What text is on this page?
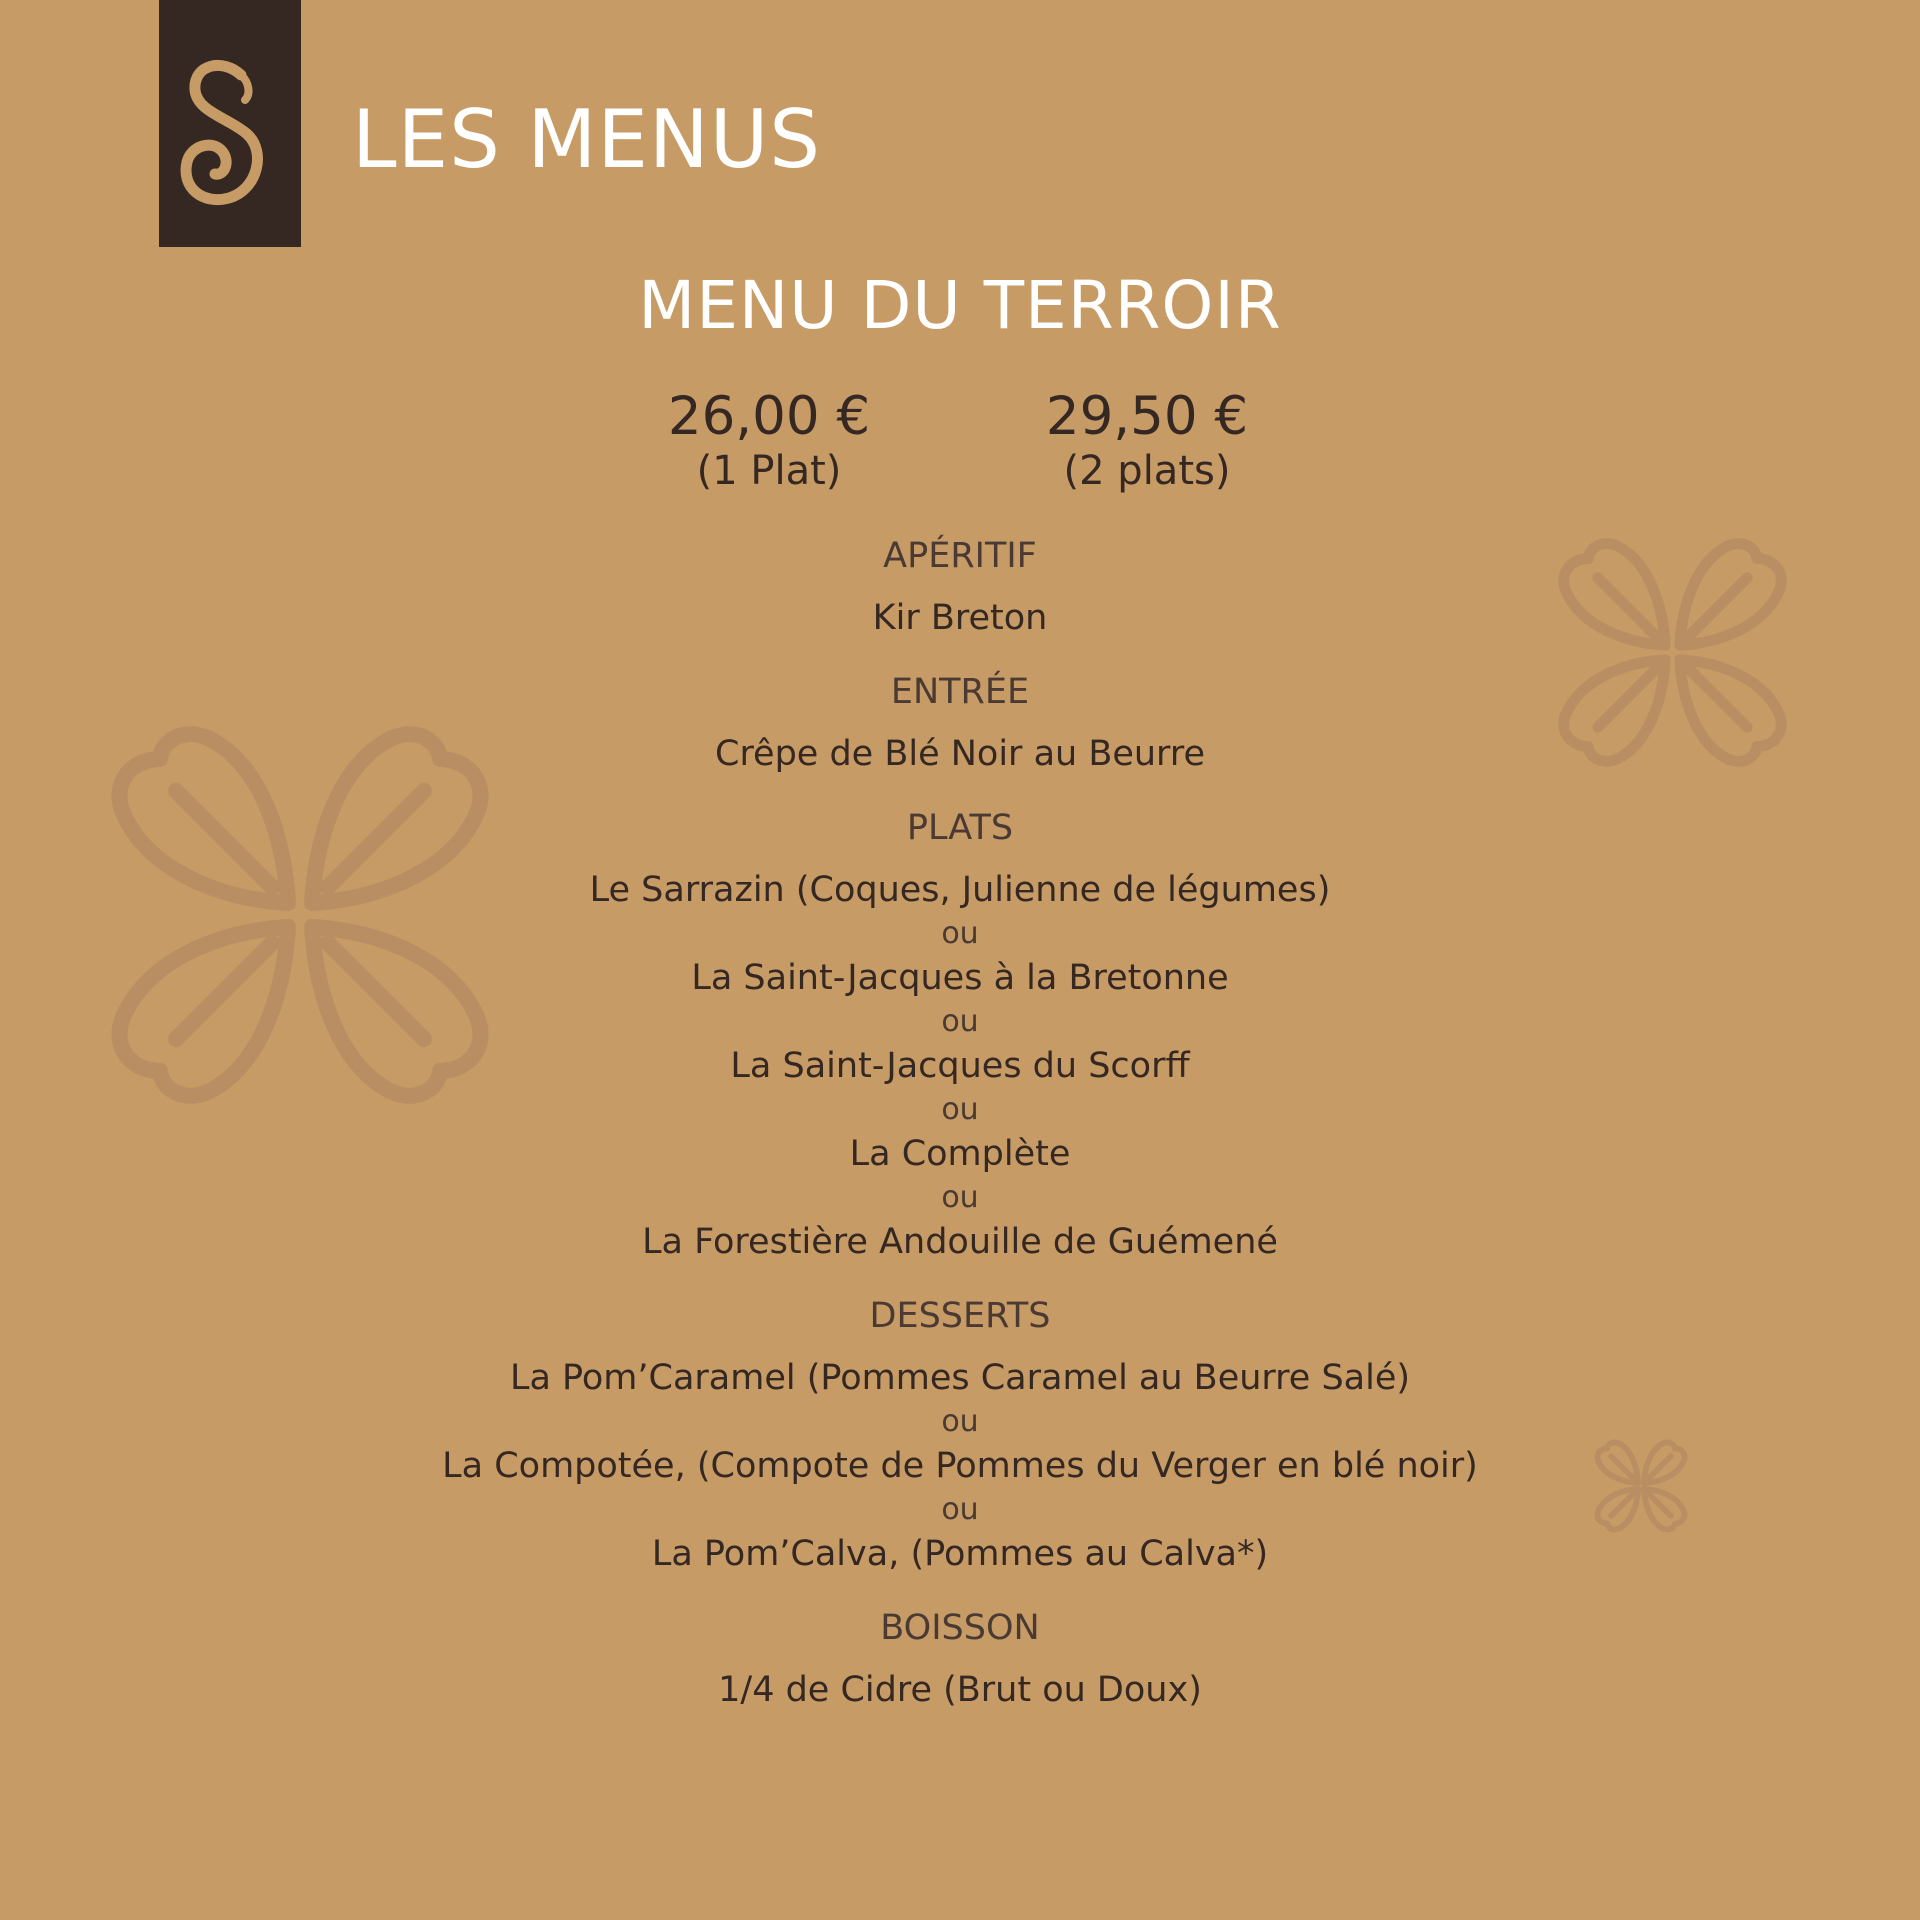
LES MENUS
MENU DU TERROIR
26,00 €
(1 Plat)
29,50 €
(2 plats)
APÉRITIF
Kir Breton
ENTRÉE
Crêpe de Blé Noir au Beurre
PLATS
Le Sarrazin (Coques, Julienne de légumes)
ou
La Saint-Jacques à la Bretonne
ou
La Saint-Jacques du Scorff
ou
La Complète
ou
La Forestière Andouille de Guémené
DESSERTS
La Pom’Caramel (Pommes Caramel au Beurre Salé)
ou
La Compotée, (Compote de Pommes du Verger en blé noir)
ou
La Pom’Calva, (Pommes au Calva*)
BOISSON
1/4 de Cidre (Brut ou Doux)
